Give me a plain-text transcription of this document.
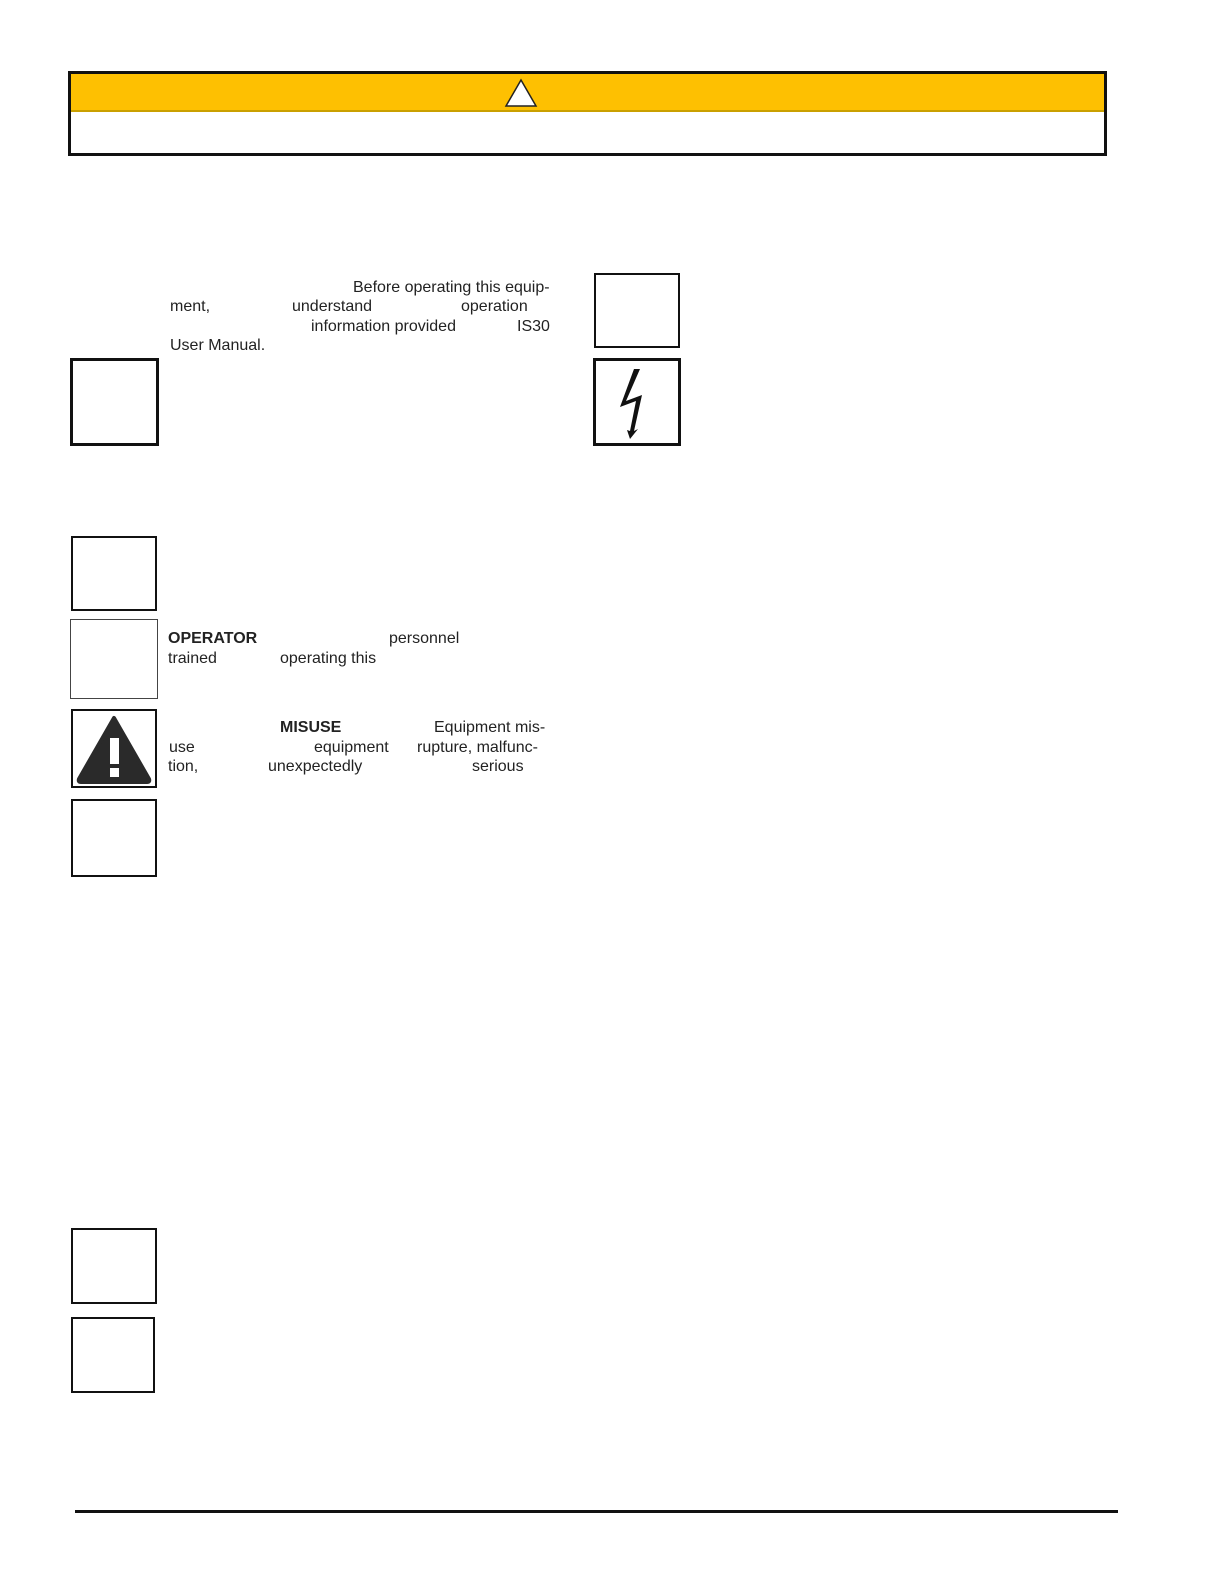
Before operating this equip-
ment,	understand	operation
information provided	IS30
User Manual.
OPERATOR	personnel
trained	operating this
MISUSE	Equipment mis-
use	equipment rupture, malfunc-
tion,	unexpectedly	serious
